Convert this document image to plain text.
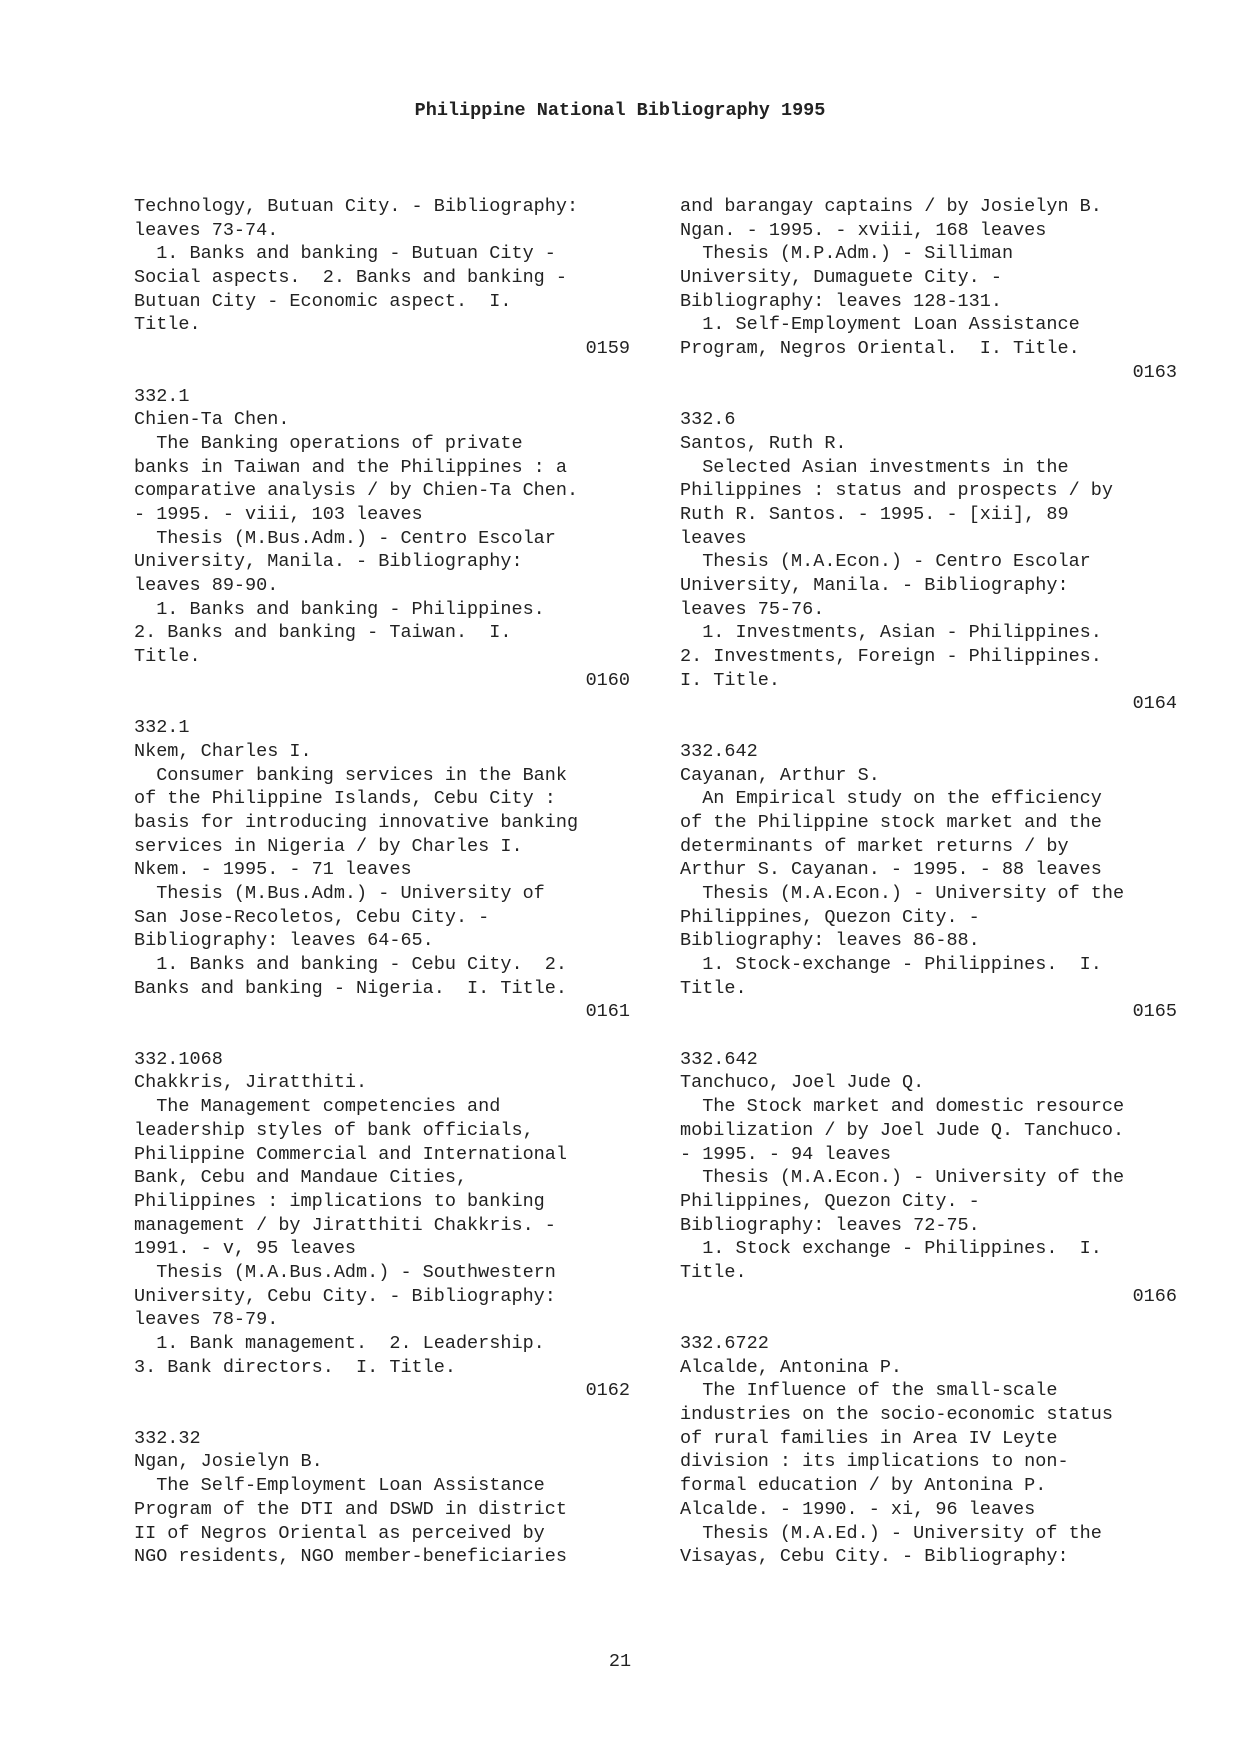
Philippine National Bibliography 1995
Technology, Butuan City. - Bibliography:
leaves 73-74.
1. Banks and banking - Butuan City -
Social aspects.  2. Banks and banking -
Butuan City - Economic aspect.  I.
Title.
0159
332.1
Chien-Ta Chen.
The Banking operations of private
banks in Taiwan and the Philippines : a
comparative analysis / by Chien-Ta Chen.
- 1995. - viii, 103 leaves
Thesis (M.Bus.Adm.) - Centro Escolar
University, Manila. - Bibliography:
leaves 89-90.
1. Banks and banking - Philippines.
2. Banks and banking - Taiwan.  I.
Title.
0160
332.1
Nkem, Charles I.
Consumer banking services in the Bank
of the Philippine Islands, Cebu City :
basis for introducing innovative banking
services in Nigeria / by Charles I.
Nkem. - 1995. - 71 leaves
Thesis (M.Bus.Adm.) - University of
San Jose-Recoletos, Cebu City. -
Bibliography: leaves 64-65.
1. Banks and banking - Cebu City.  2.
Banks and banking - Nigeria.  I. Title.
0161
332.1068
Chakkris, Jiratthiti.
The Management competencies and
leadership styles of bank officials,
Philippine Commercial and International
Bank, Cebu and Mandaue Cities,
Philippines : implications to banking
management / by Jiratthiti Chakkris. -
1991. - v, 95 leaves
Thesis (M.A.Bus.Adm.) - Southwestern
University, Cebu City. - Bibliography:
leaves 78-79.
1. Bank management.  2. Leadership.
3. Bank directors.  I. Title.
0162
332.32
Ngan, Josielyn B.
The Self-Employment Loan Assistance
Program of the DTI and DSWD in district
II of Negros Oriental as perceived by
NGO residents, NGO member-beneficiaries
and barangay captains / by Josielyn B.
Ngan. - 1995. - xviii, 168 leaves
Thesis (M.P.Adm.) - Silliman
University, Dumaguete City. -
Bibliography: leaves 128-131.
1. Self-Employment Loan Assistance
Program, Negros Oriental.  I. Title.
0163
332.6
Santos, Ruth R.
Selected Asian investments in the
Philippines : status and prospects / by
Ruth R. Santos. - 1995. - [xii], 89
leaves
Thesis (M.A.Econ.) - Centro Escolar
University, Manila. - Bibliography:
leaves 75-76.
1. Investments, Asian - Philippines.
2. Investments, Foreign - Philippines.
I. Title.
0164
332.642
Cayanan, Arthur S.
An Empirical study on the efficiency
of the Philippine stock market and the
determinants of market returns / by
Arthur S. Cayanan. - 1995. - 88 leaves
Thesis (M.A.Econ.) - University of the
Philippines, Quezon City. -
Bibliography: leaves 86-88.
1. Stock-exchange - Philippines.  I.
Title.
0165
332.642
Tanchuco, Joel Jude Q.
The Stock market and domestic resource
mobilization / by Joel Jude Q. Tanchuco.
- 1995. - 94 leaves
Thesis (M.A.Econ.) - University of the
Philippines, Quezon City. -
Bibliography: leaves 72-75.
1. Stock exchange - Philippines.  I.
Title.
0166
332.6722
Alcalde, Antonina P.
The Influence of the small-scale
industries on the socio-economic status
of rural families in Area IV Leyte
division : its implications to non-
formal education / by Antonina P.
Alcalde. - 1990. - xi, 96 leaves
Thesis (M.A.Ed.) - University of the
Visayas, Cebu City. - Bibliography:
21
